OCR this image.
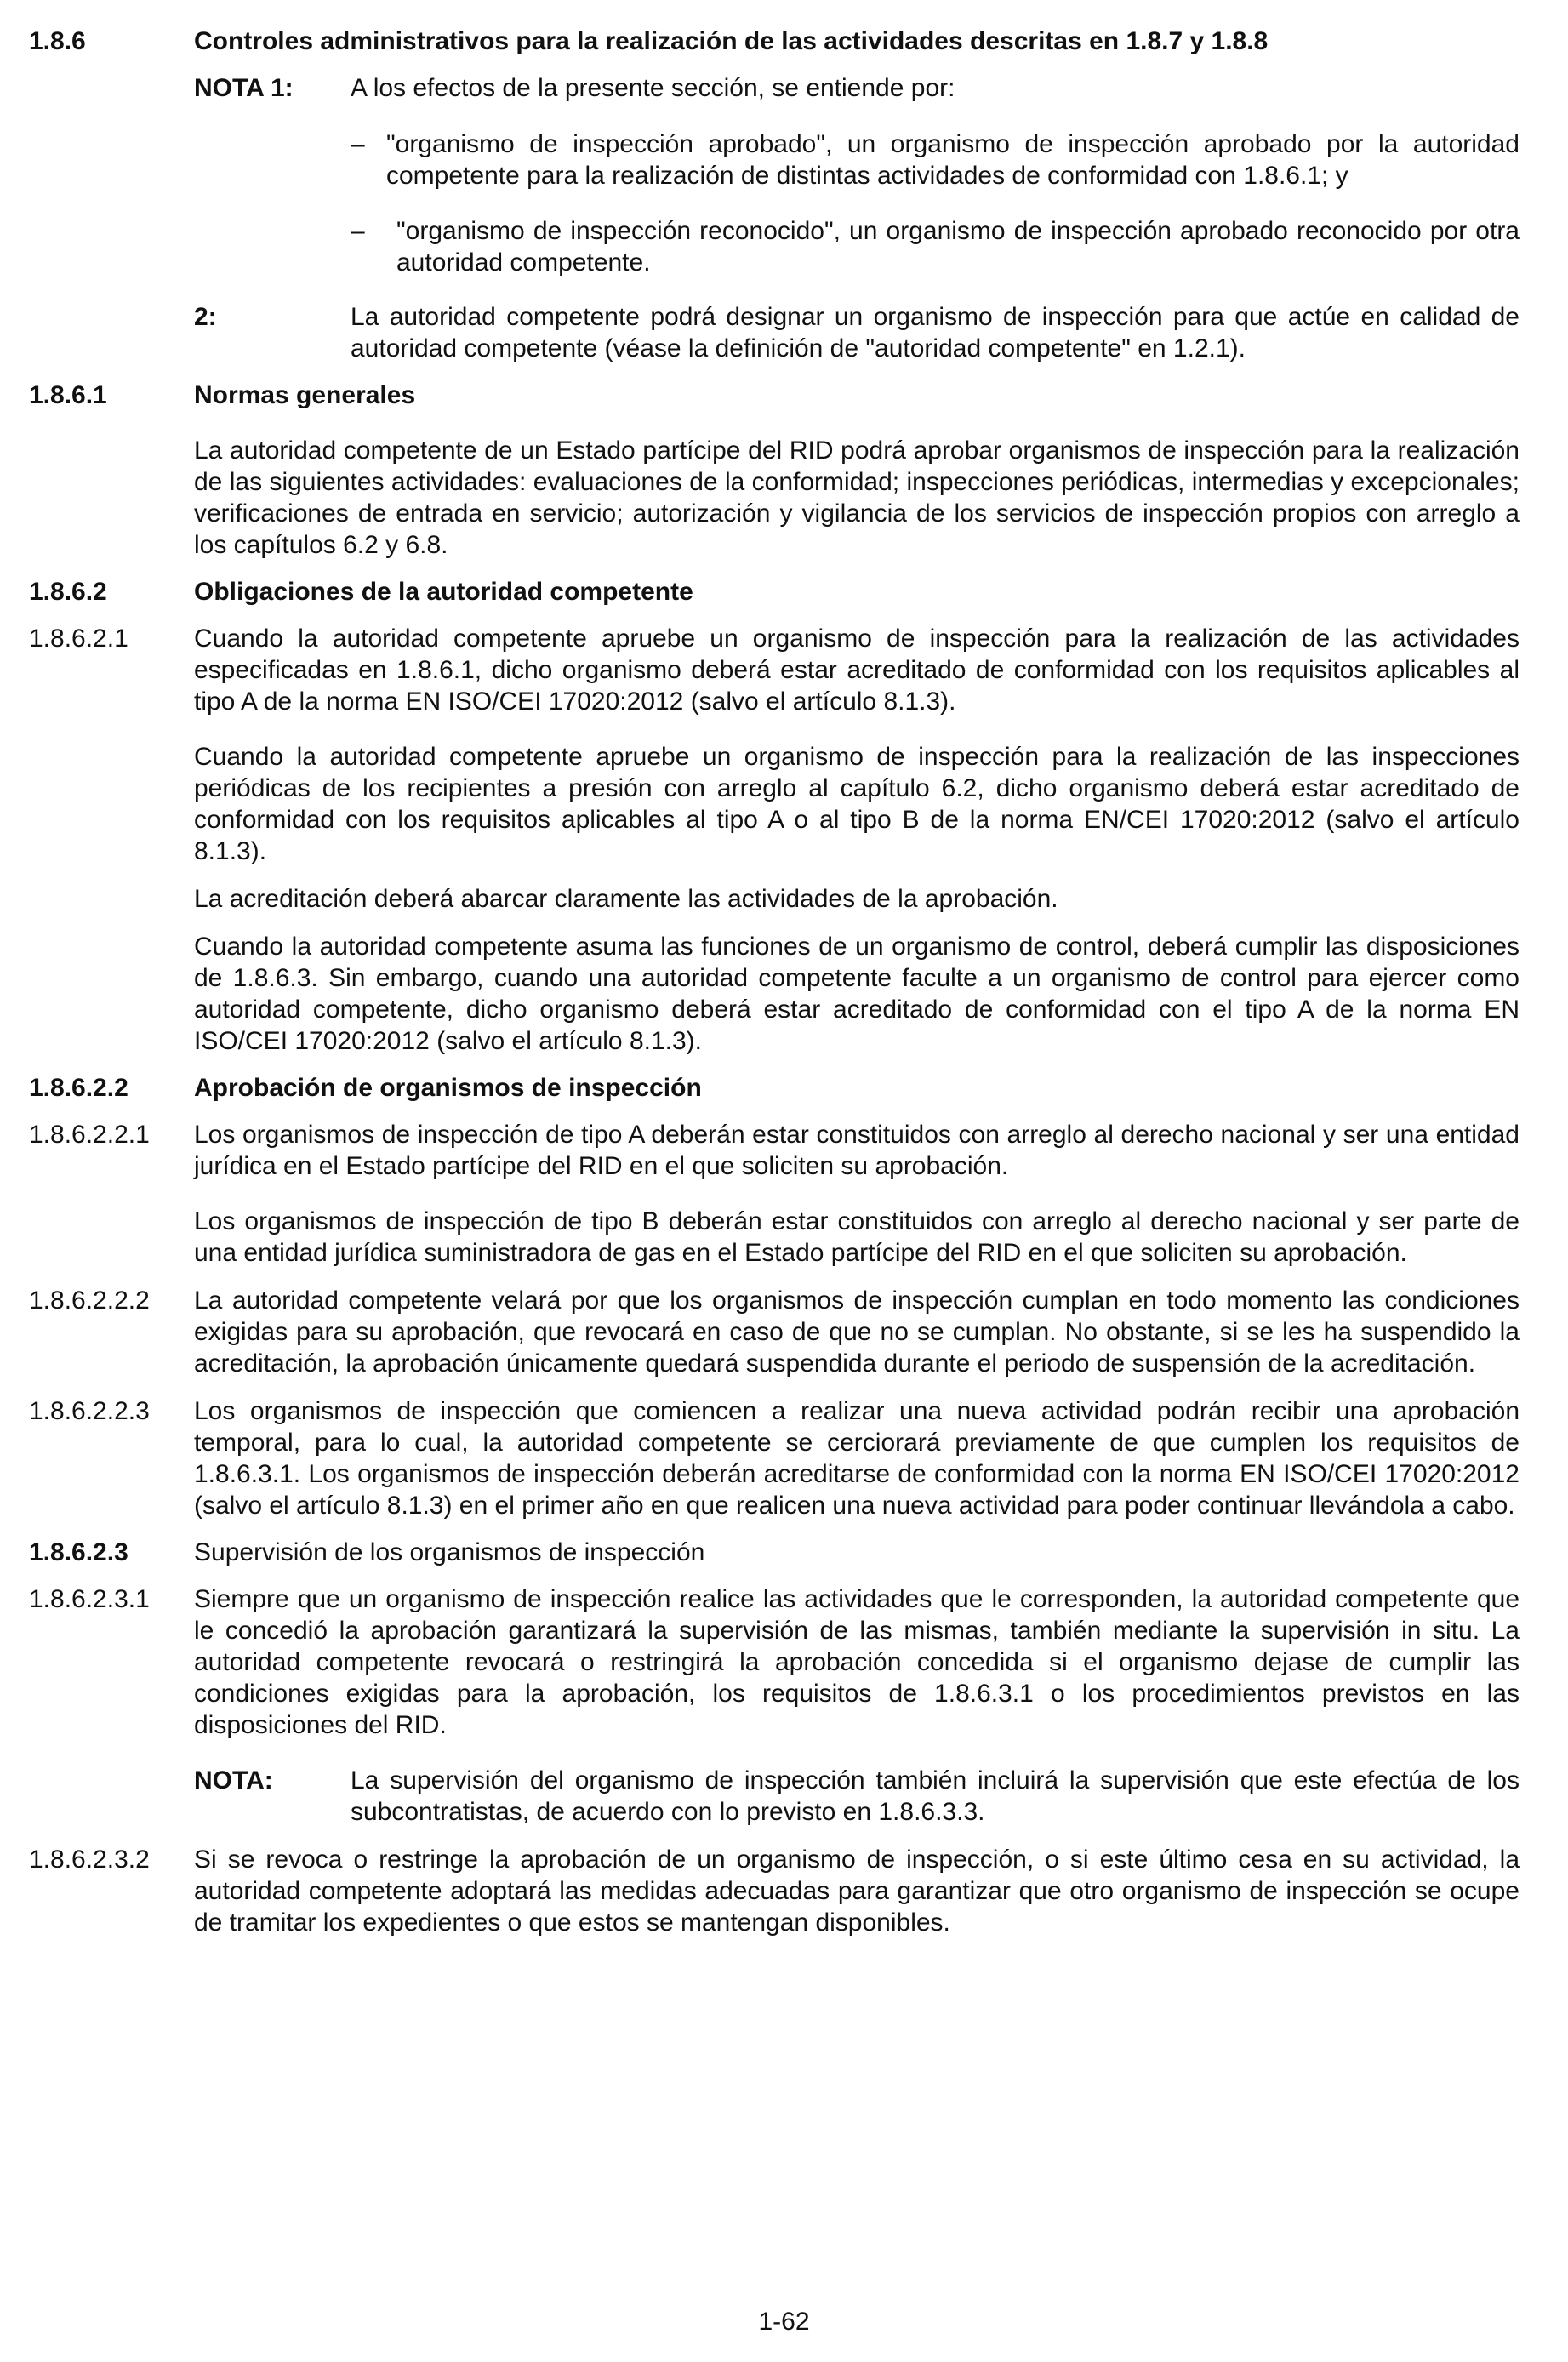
1.8.6	Controles administrativos para la realización de las actividades descritas en 1.8.7 y 1.8.8
NOTA 1: A los efectos de la presente sección, se entiende por:
– "organismo de inspección aprobado", un organismo de inspección aprobado por la autoridad competente para la realización de distintas actividades de conformidad con 1.8.6.1; y
– "organismo de inspección reconocido", un organismo de inspección aprobado reconocido por otra autoridad competente.
2:	La autoridad competente podrá designar un organismo de inspección para que actúe en calidad de autoridad competente (véase la definición de "autoridad competente" en 1.2.1).
1.8.6.1	Normas generales
La autoridad competente de un Estado partícipe del RID podrá aprobar organismos de inspección para la realización de las siguientes actividades: evaluaciones de la conformidad; inspecciones periódicas, intermedias y excepcionales; verificaciones de entrada en servicio; autorización y vigilancia de los servicios de inspección propios con arreglo a los capítulos 6.2 y 6.8.
1.8.6.2	Obligaciones de la autoridad competente
1.8.6.2.1	Cuando la autoridad competente apruebe un organismo de inspección para la realización de las actividades especificadas en 1.8.6.1, dicho organismo deberá estar acreditado de conformidad con los requisitos aplicables al tipo A de la norma EN ISO/CEI 17020:2012 (salvo el artículo 8.1.3).
Cuando la autoridad competente apruebe un organismo de inspección para la realización de las inspecciones periódicas de los recipientes a presión con arreglo al capítulo 6.2, dicho organismo deberá estar acreditado de conformidad con los requisitos aplicables al tipo A o al tipo B de la norma EN/CEI 17020:2012 (salvo el artículo 8.1.3).
La acreditación deberá abarcar claramente las actividades de la aprobación.
Cuando la autoridad competente asuma las funciones de un organismo de control, deberá cumplir las disposiciones de 1.8.6.3. Sin embargo, cuando una autoridad competente faculte a un organismo de control para ejercer como autoridad competente, dicho organismo deberá estar acreditado de conformidad con el tipo A de la norma EN ISO/CEI 17020:2012 (salvo el artículo 8.1.3).
1.8.6.2.2	Aprobación de organismos de inspección
1.8.6.2.2.1 Los organismos de inspección de tipo A deberán estar constituidos con arreglo al derecho nacional y ser una entidad jurídica en el Estado partícipe del RID en el que soliciten su aprobación.
Los organismos de inspección de tipo B deberán estar constituidos con arreglo al derecho nacional y ser parte de una entidad jurídica suministradora de gas en el Estado partícipe del RID en el que soliciten su aprobación.
1.8.6.2.2.2 La autoridad competente velará por que los organismos de inspección cumplan en todo momento las condiciones exigidas para su aprobación, que revocará en caso de que no se cumplan. No obstante, si se les ha suspendido la acreditación, la aprobación únicamente quedará suspendida durante el periodo de suspensión de la acreditación.
1.8.6.2.2.3 Los organismos de inspección que comiencen a realizar una nueva actividad podrán recibir una aprobación temporal, para lo cual, la autoridad competente se cerciorará previamente de que cumplen los requisitos de 1.8.6.3.1. Los organismos de inspección deberán acreditarse de conformidad con la norma EN ISO/CEI 17020:2012 (salvo el artículo 8.1.3) en el primer año en que realicen una nueva actividad para poder continuar llevándola a cabo.
1.8.6.2.3	Supervisión de los organismos de inspección
1.8.6.2.3.1 Siempre que un organismo de inspección realice las actividades que le corresponden, la autoridad competente que le concedió la aprobación garantizará la supervisión de las mismas, también mediante la supervisión in situ. La autoridad competente revocará o restringirá la aprobación concedida si el organismo dejase de cumplir las condiciones exigidas para la aprobación, los requisitos de 1.8.6.3.1 o los procedimientos previstos en las disposiciones del RID.
NOTA:	La supervisión del organismo de inspección también incluirá la supervisión que este efectúa de los subcontratistas, de acuerdo con lo previsto en 1.8.6.3.3.
1.8.6.2.3.2 Si se revoca o restringe la aprobación de un organismo de inspección, o si este último cesa en su actividad, la autoridad competente adoptará las medidas adecuadas para garantizar que otro organismo de inspección se ocupe de tramitar los expedientes o que estos se mantengan disponibles.
1-62
